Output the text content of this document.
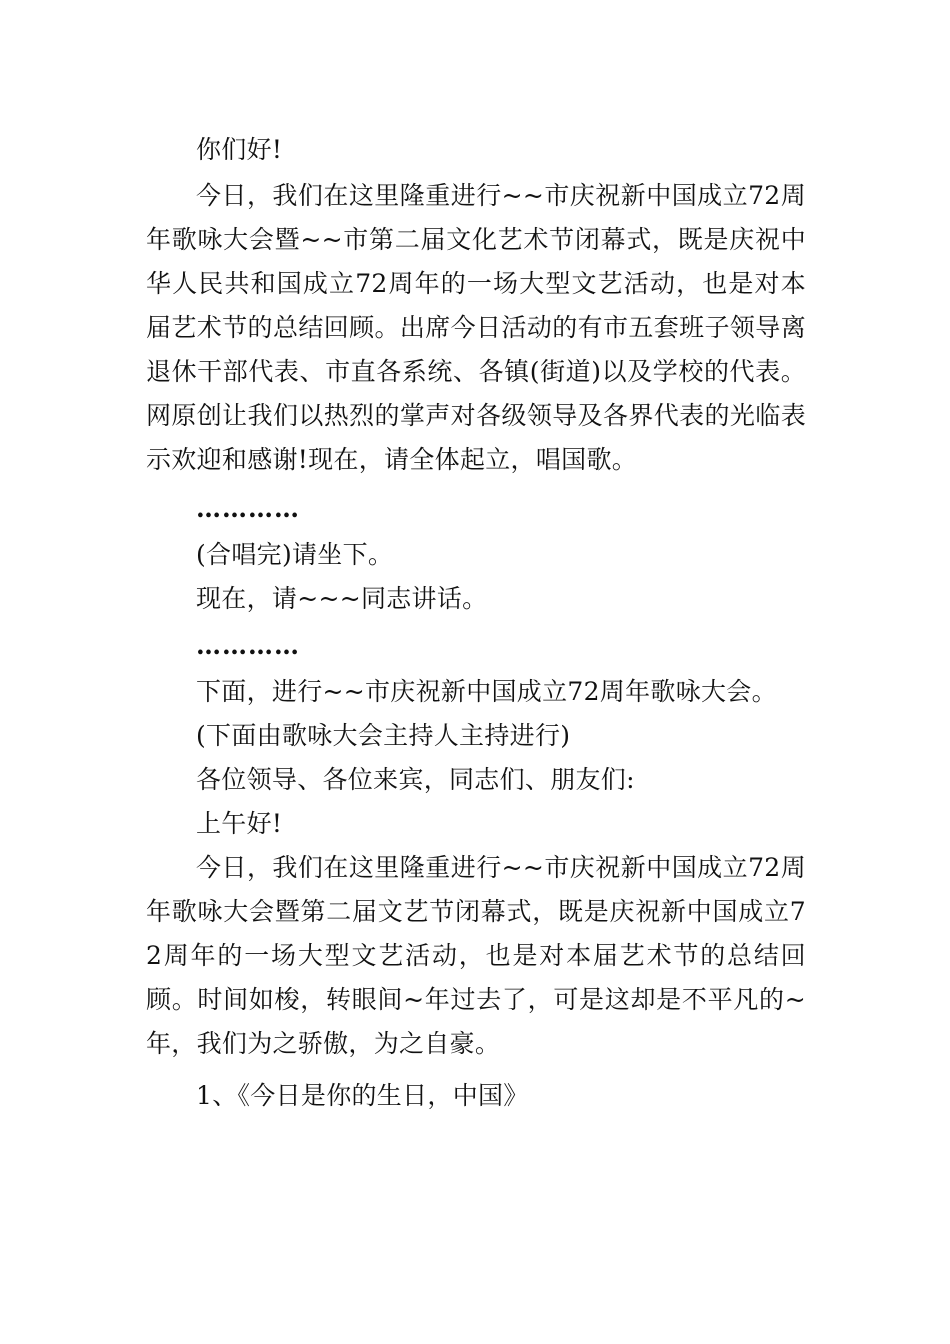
你们好!

今日，我们在这里隆重进行~~市庆祝新中国成立72周年歌咏大会暨~~市第二届文化艺术节闭幕式，既是庆祝中华人民共和国成立72周年的一场大型文艺活动，也是对本届艺术节的总结回顾。出席今日活动的有市五套班子领导离退休干部代表、市直各系统、各镇(街道)以及学校的代表。网原创让我们以热烈的掌声对各级领导及各界代表的光临表示欢迎和感谢!现在，请全体起立，唱国歌。

…………

(合唱完)请坐下。

现在，请~~~同志讲话。

…………

下面，进行~~市庆祝新中国成立72周年歌咏大会。

(下面由歌咏大会主持人主持进行)

各位领导、各位来宾，同志们、朋友们:

上午好!

今日，我们在这里隆重进行~~市庆祝新中国成立72周年歌咏大会暨第二届文艺节闭幕式，既是庆祝新中国成立72周年的一场大型文艺活动，也是对本届艺术节的总结回顾。时间如梭，转眼间~年过去了，可是这却是不平凡的~年，我们为之骄傲，为之自豪。

1、《今日是你的生日，中国》
